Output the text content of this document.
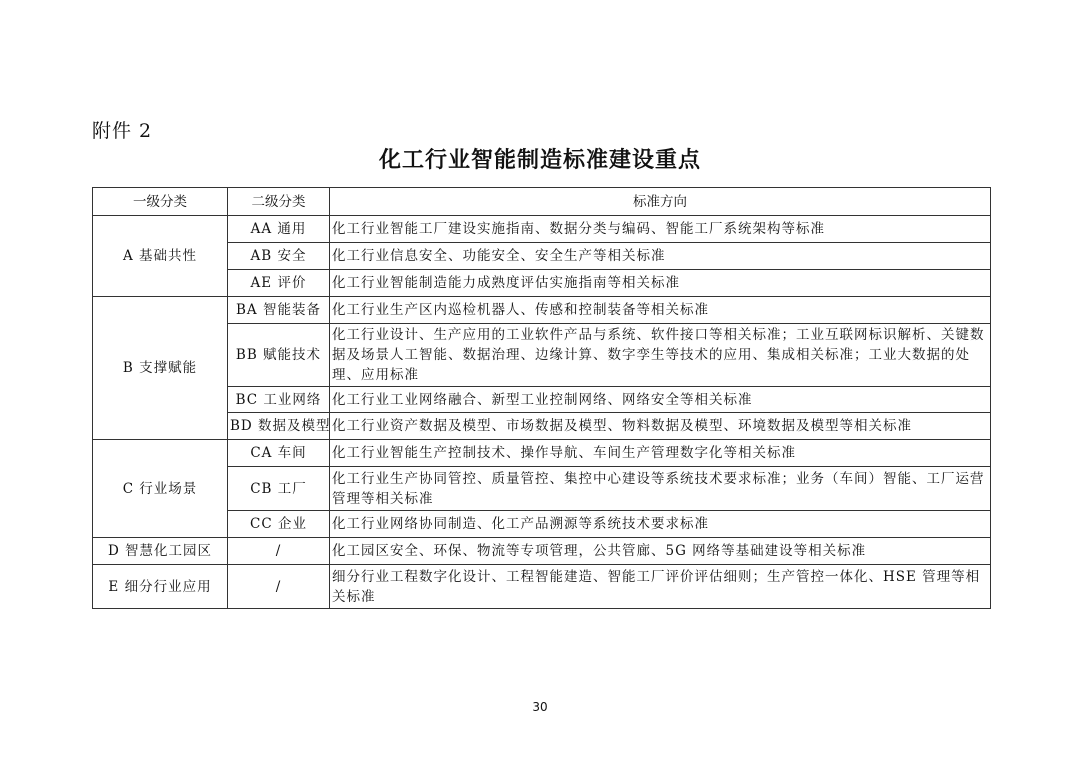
附件 2
化工行业智能制造标准建设重点
一级分类	二级分类	标准方向
A 基础共性	AA 通用	化工行业智能工厂建设实施指南、数据分类与编码、智能工厂系统架构等标准
	AB 安全	化工行业信息安全、功能安全、安全生产等相关标准
	AE 评价	化工行业智能制造能力成熟度评估实施指南等相关标准
B 支撑赋能	BA 智能装备	化工行业生产区内巡检机器人、传感和控制装备等相关标准
	BB 赋能技术	化工行业设计、生产应用的工业软件产品与系统、软件接口等相关标准；工业互联网标识解析、关键数据及场景人工智能、数据治理、边缘计算、数字孪生等技术的应用、集成相关标准；工业大数据的处理、应用标准
	BC 工业网络	化工行业工业网络融合、新型工业控制网络、网络安全等相关标准
	BD 数据及模型	化工行业资产数据及模型、市场数据及模型、物料数据及模型、环境数据及模型等相关标准
C 行业场景	CA 车间	化工行业智能生产控制技术、操作导航、车间生产管理数字化等相关标准
	CB 工厂	化工行业生产协同管控、质量管控、集控中心建设等系统技术要求标准；业务（车间）智能、工厂运营管理等相关标准
	CC 企业	化工行业网络协同制造、化工产品溯源等系统技术要求标准
D 智慧化工园区	/	化工园区安全、环保、物流等专项管理，公共管廊、5G 网络等基础建设等相关标准
E 细分行业应用	/	细分行业工程数字化设计、工程智能建造、智能工厂评价评估细则；生产管控一体化、HSE 管理等相关标准
30
